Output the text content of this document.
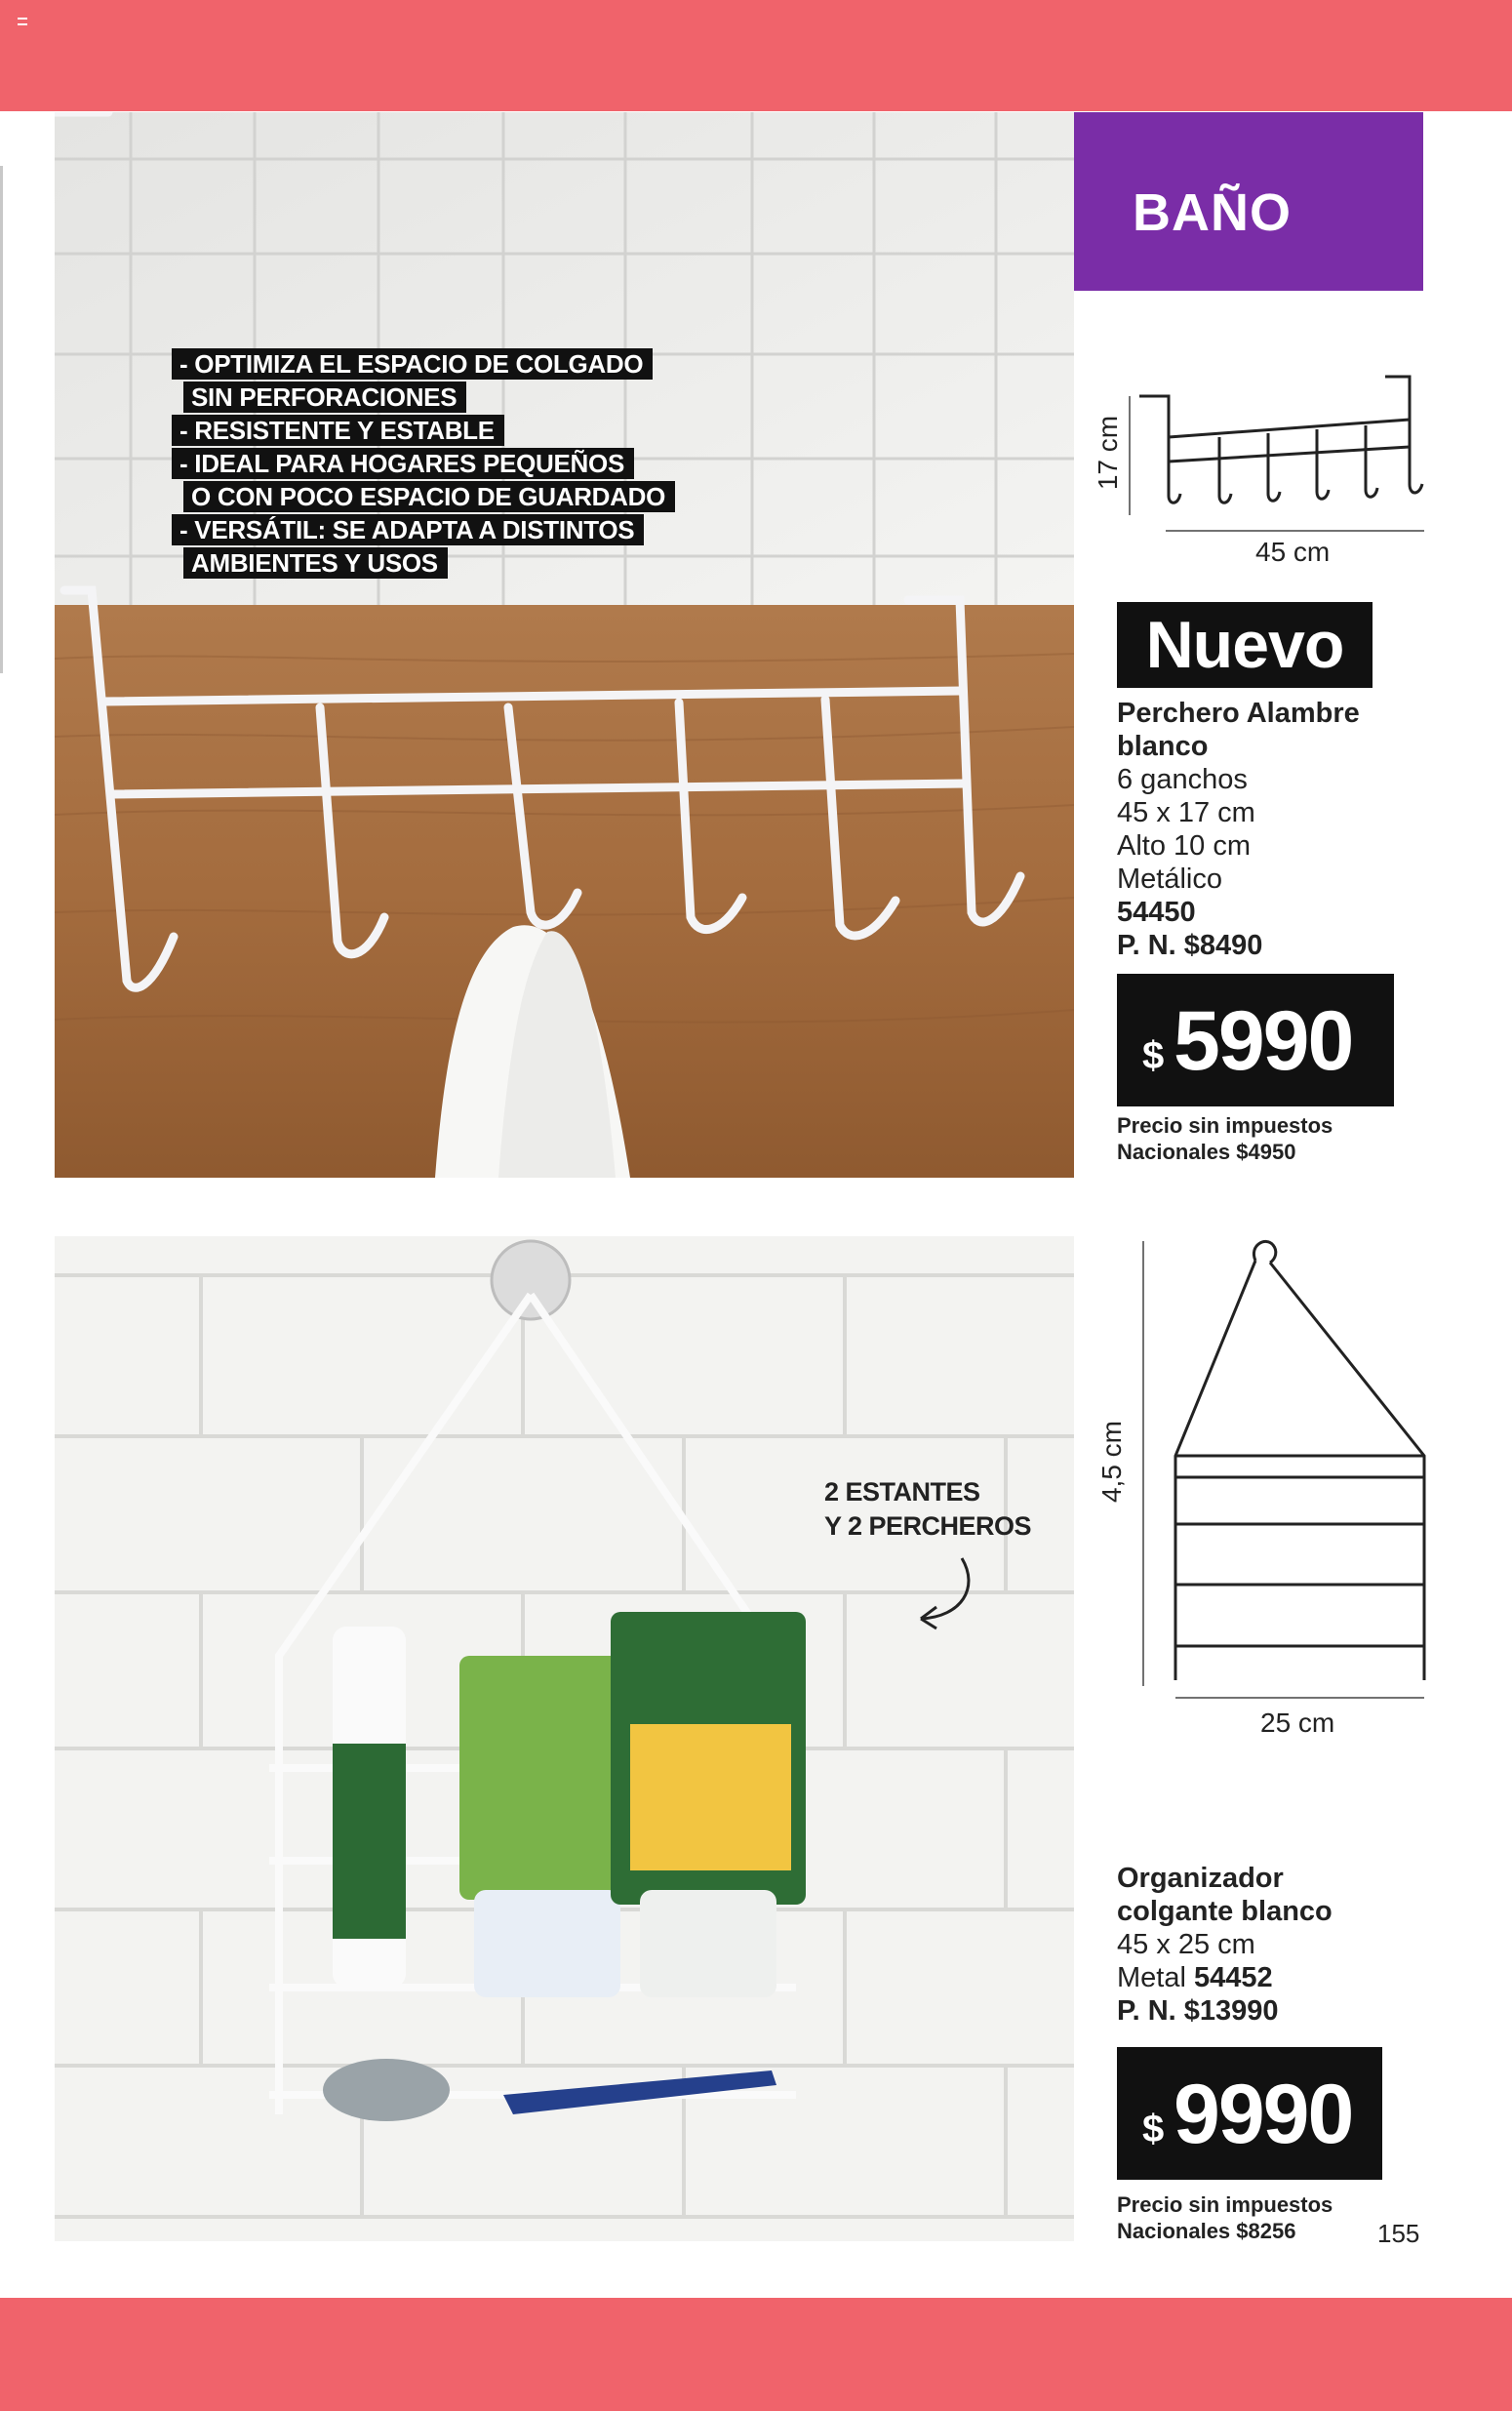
- OPTIMIZA EL ESPACIO DE COLGADO
SIN PERFORACIONES
- RESISTENTE Y ESTABLE
- IDEAL PARA HOGARES PEQUEÑOS
O CON POCO ESPACIO DE GUARDADO
- VERSÁTIL: SE ADAPTA A DISTINTOS
AMBIENTES Y USOS
BAÑO
17 cm
45 cm
Nuevo
Perchero Alambre
blanco
6 ganchos
45 x 17 cm
Alto 10 cm
Metálico
54450
P. N. $8490
$ 5990
Precio sin impuestos
Nacionales $4950
2 ESTANTES
Y 2 PERCHEROS
4,5 cm
25 cm
Organizador
colgante blanco
45 x 25 cm
Metal 54452
P. N. $13990
$ 9990
Precio sin impuestos
Nacionales $8256	155
